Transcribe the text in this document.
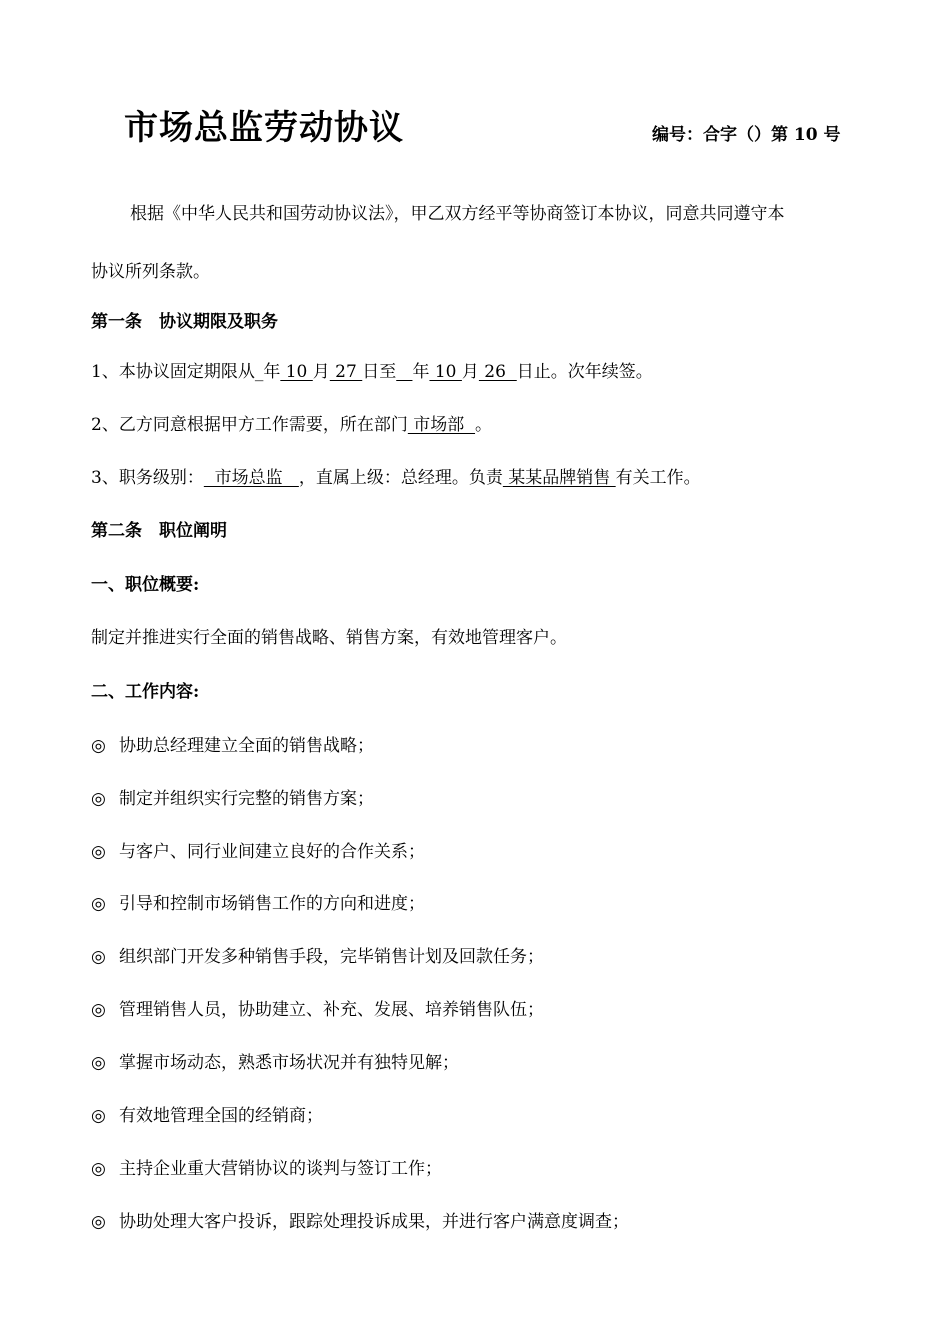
市场总监劳动协议	编号：合字（）第 10 号
根据《中华人民共和国劳动协议法》，甲乙双方经平等协商签订本协议，同意共同遵守本
协议所列条款。
第一条　协议期限及职务
1、本协议固定期限从_年 10 月 27 日至 年 10 月 26  日止。次年续签。
2、乙方同意根据甲方工作需要，所在部门 市场部  。
3、职务级别：  市场总监   ，直属上级：总经理。负责 某某品牌销售 有关工作。
第二条　职位阐明
一、职位概要:
制定并推进实行全面的销售战略、销售方案，有效地管理客户。
二、工作内容:
◎ 协助总经理建立全面的销售战略；
◎ 制定并组织实行完整的销售方案；
◎ 与客户、同行业间建立良好的合作关系；
◎ 引导和控制市场销售工作的方向和进度；
◎ 组织部门开发多种销售手段，完毕销售计划及回款任务；
◎ 管理销售人员，协助建立、补充、发展、培养销售队伍；
◎ 掌握市场动态，熟悉市场状况并有独特见解；
◎ 有效地管理全国的经销商；
◎ 主持企业重大营销协议的谈判与签订工作；
◎ 协助处理大客户投诉，跟踪处理投诉成果，并进行客户满意度调查；
